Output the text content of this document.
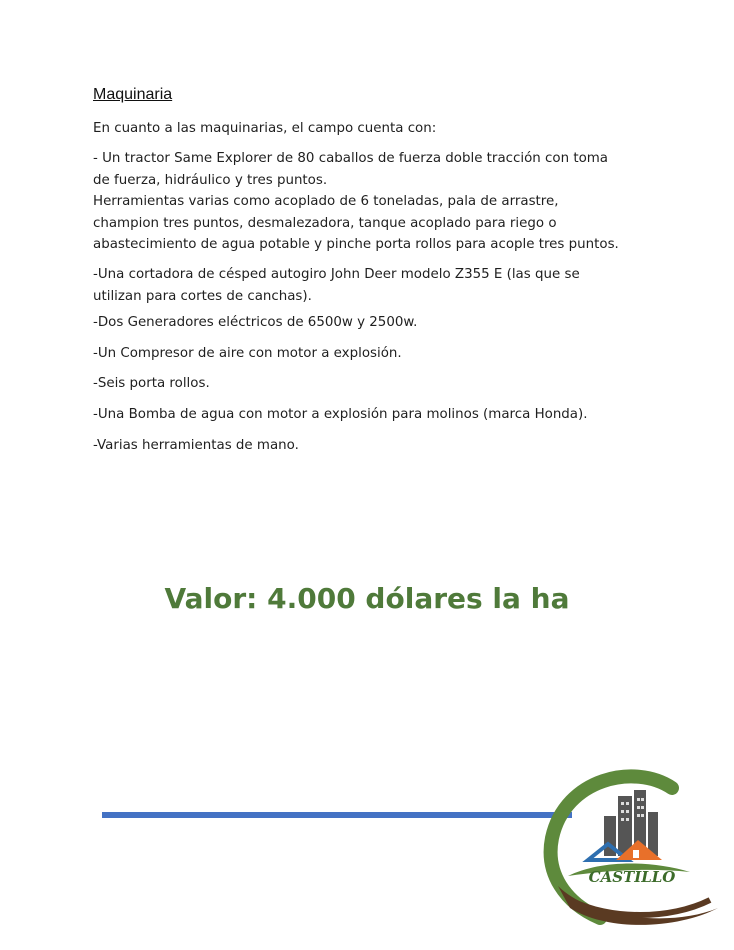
Maquinaria
En cuanto a las maquinarias, el campo cuenta con:
- Un tractor Same Explorer de 80 caballos de fuerza doble tracción con toma de fuerza, hidráulico y tres puntos.
Herramientas varias como acoplado de 6 toneladas, pala de arrastre, champion tres puntos, desmalezadora, tanque acoplado para riego o abastecimiento de agua potable y pinche porta rollos para acople tres puntos.
-Una cortadora de césped autogiro John Deer modelo Z355 E (las que se utilizan para cortes de canchas).
-Dos Generadores eléctricos de 6500w y 2500w.
-Un Compresor de aire con motor a explosión.
-Seis porta rollos.
-Una Bomba de agua con motor a explosión para molinos (marca Honda).
-Varias herramientas de mano.
Valor: 4.000 dólares la ha
CASTILLO
